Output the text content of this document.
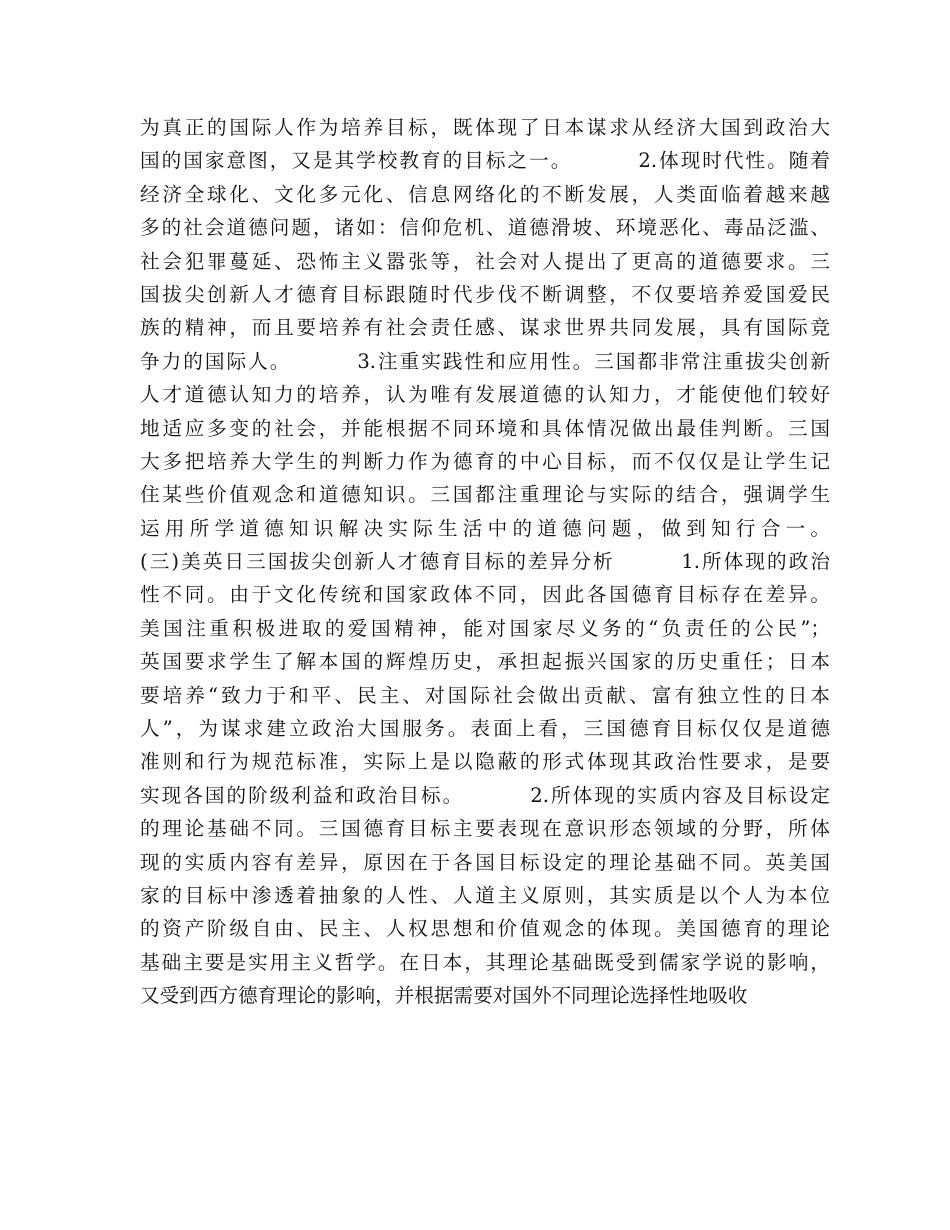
为真正的国际人作为培养目标，既体现了日本谋求从经济大国到政治大
国的国家意图，又是其学校教育的目标之一。        2.体现时代性。随着
经济全球化、文化多元化、信息网络化的不断发展，人类面临着越来越
多的社会道德问题，诸如：信仰危机、道德滑坡、环境恶化、毒品泛滥、
社会犯罪蔓延、恐怖主义嚣张等，社会对人提出了更高的道德要求。三
国拔尖创新人才德育目标跟随时代步伐不断调整，不仅要培养爱国爱民
族的精神，而且要培养有社会责任感、谋求世界共同发展，具有国际竞
争力的国际人。        3.注重实践性和应用性。三国都非常注重拔尖创新
人才道德认知力的培养，认为唯有发展道德的认知力，才能使他们较好
地适应多变的社会，并能根据不同环境和具体情况做出最佳判断。三国
大多把培养大学生的判断力作为德育的中心目标，而不仅仅是让学生记
住某些价值观念和道德知识。三国都注重理论与实际的结合，强调学生
运用所学道德知识解决实际生活中的道德问题，做到知行合一。
(三)美英日三国拔尖创新人才德育目标的差异分析        1.所体现的政治
性不同。由于文化传统和国家政体不同，因此各国德育目标存在差异。
美国注重积极进取的爱国精神，能对国家尽义务的“负责任的公民”；
英国要求学生了解本国的辉煌历史，承担起振兴国家的历史重任；日本
要培养“致力于和平、民主、对国际社会做出贡献、富有独立性的日本
人”，为谋求建立政治大国服务。表面上看，三国德育目标仅仅是道德
准则和行为规范标准，实际上是以隐蔽的形式体现其政治性要求，是要
实现各国的阶级利益和政治目标。        2.所体现的实质内容及目标设定
的理论基础不同。三国德育目标主要表现在意识形态领域的分野，所体
现的实质内容有差异，原因在于各国目标设定的理论基础不同。英美国
家的目标中渗透着抽象的人性、人道主义原则，其实质是以个人为本位
的资产阶级自由、民主、人权思想和价值观念的体现。美国德育的理论
基础主要是实用主义哲学。在日本，其理论基础既受到儒家学说的影响，
又受到西方德育理论的影响，并根据需要对国外不同理论选择性地吸收
